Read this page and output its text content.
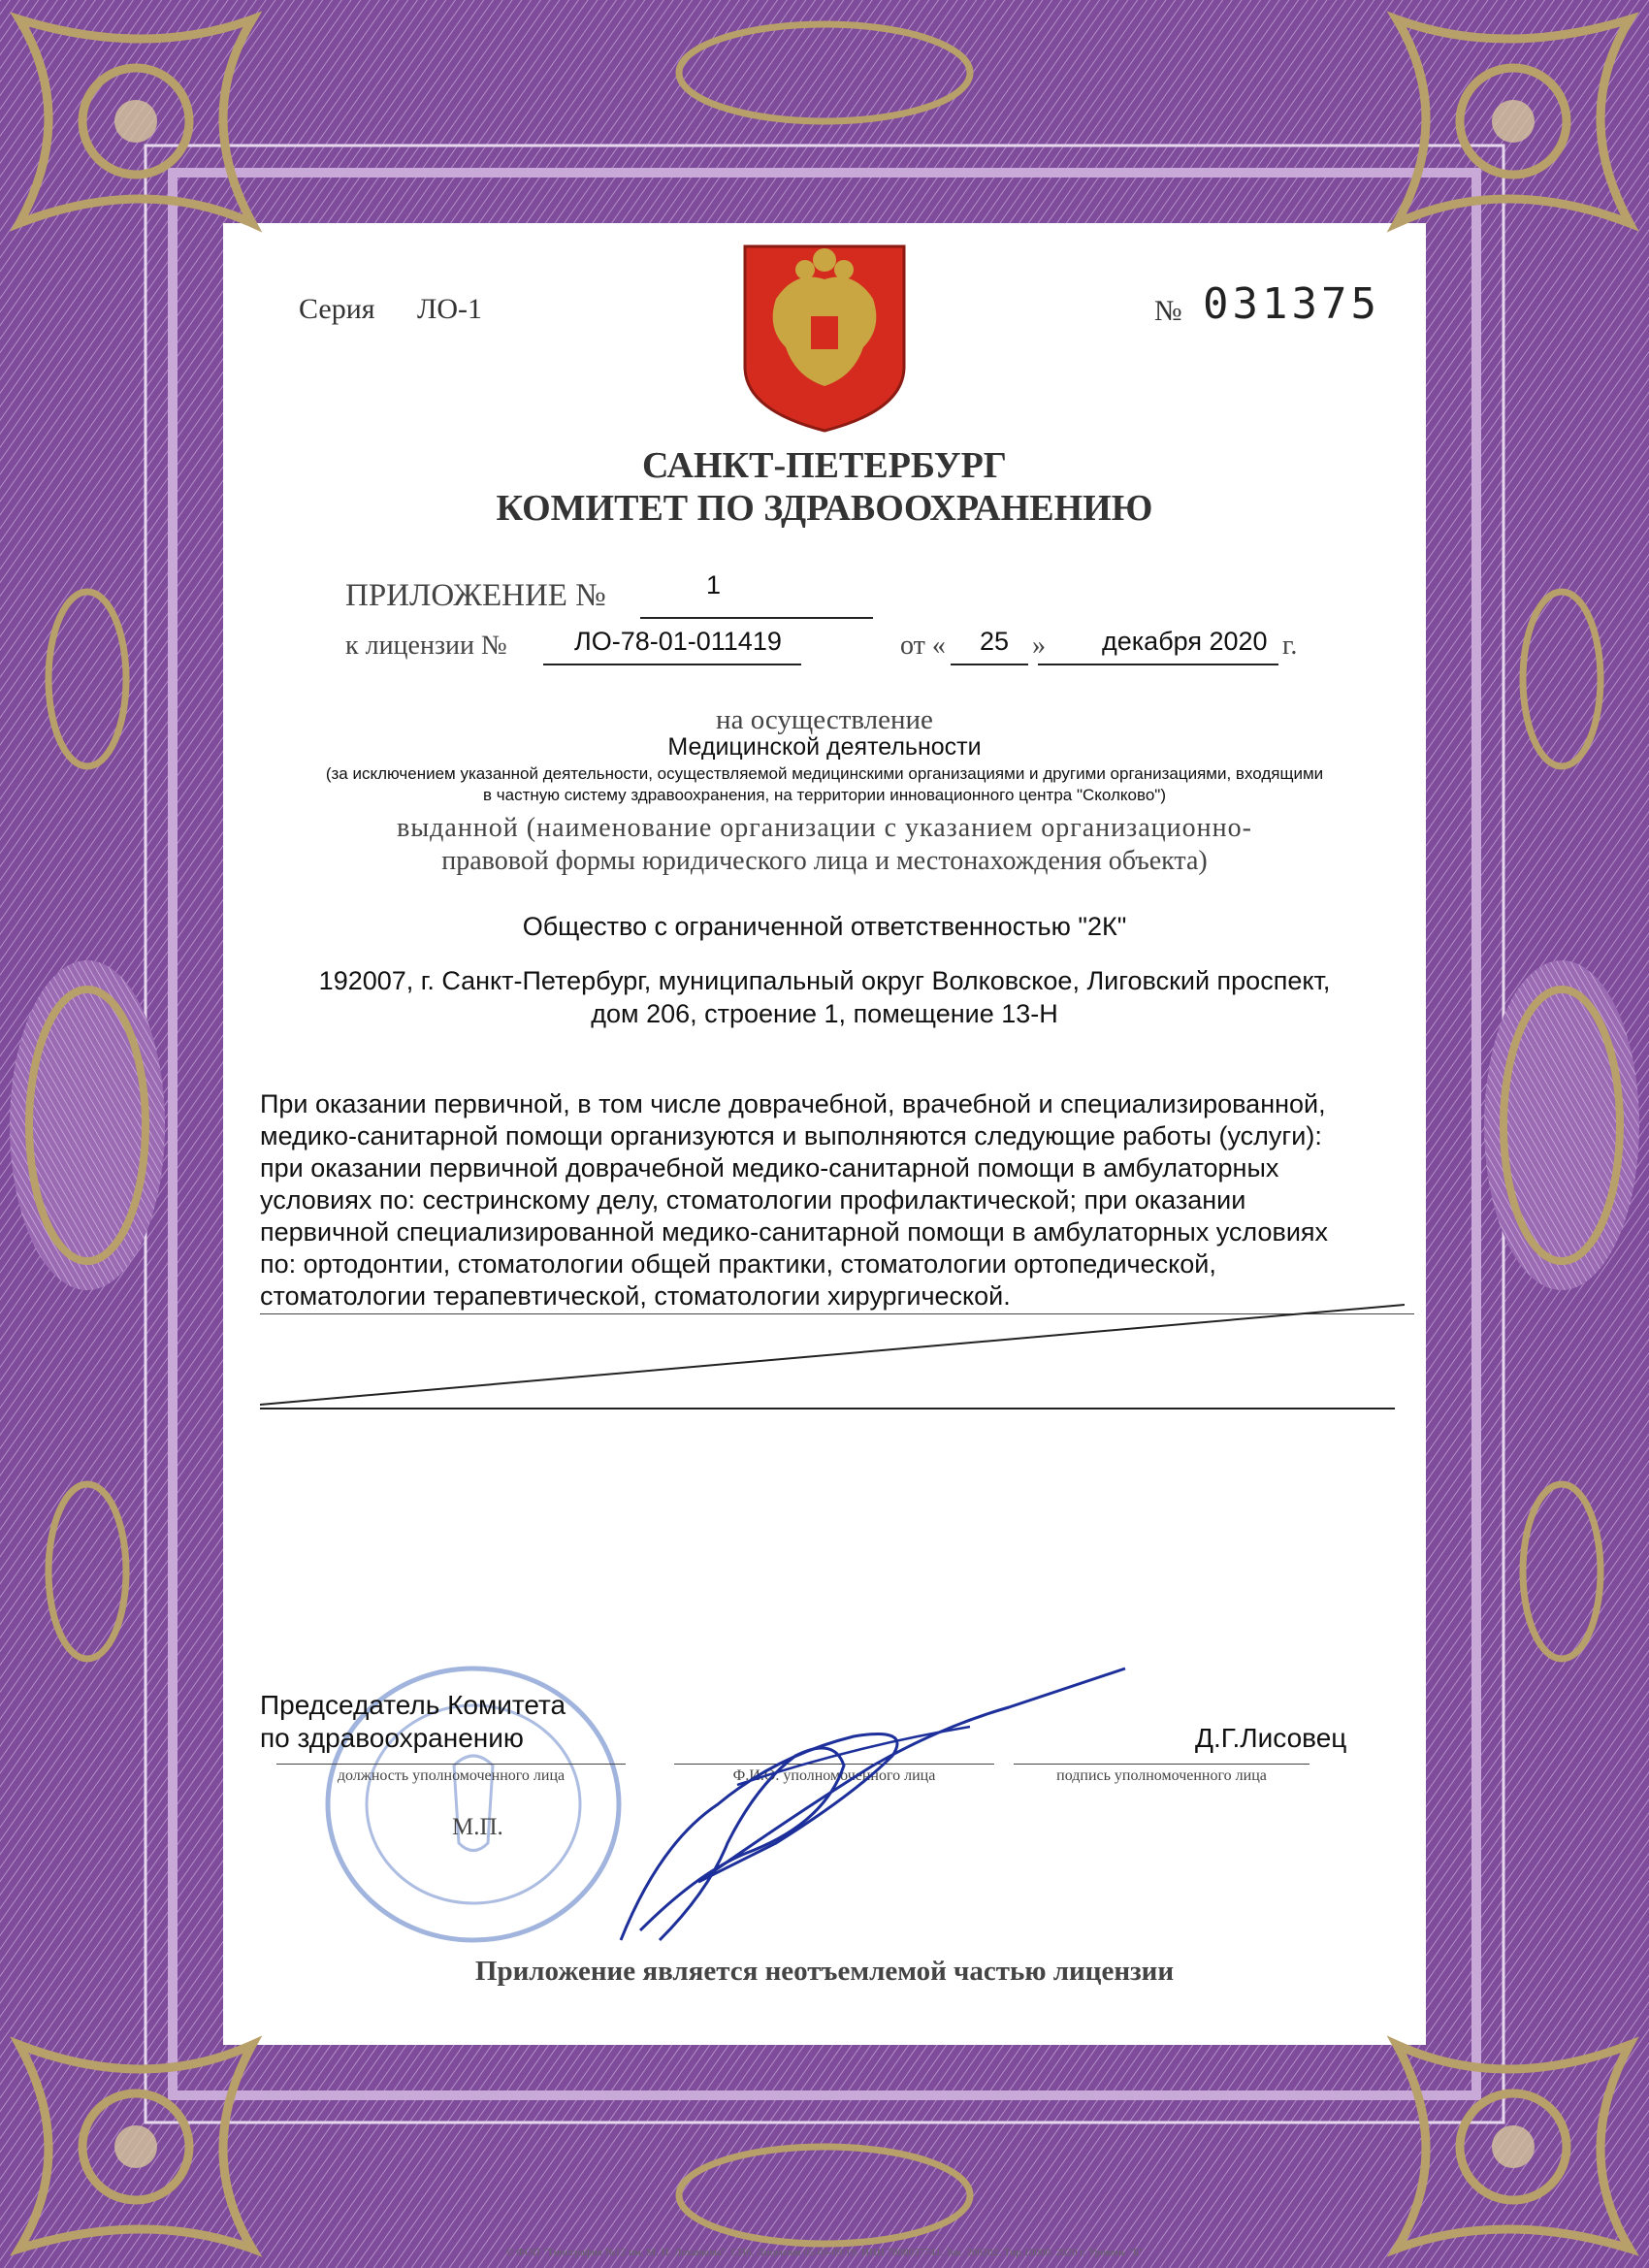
Серия ЛО-1	№ 031375
САНКТ-ПЕТЕРБУРГ
КОМИТЕТ ПО ЗДРАВООХРАНЕНИЮ
ПРИЛОЖЕНИЕ №	1
к лицензии №	ЛО-78-01-011419	от « 25 » декабря 2020 г.
на осуществление
Медицинской деятельности
(за исключением указанной деятельности, осуществляемой медицинскими организациями и другими организациями, входящими
в частную систему здравоохранения, на территории инновационного центра "Сколково")
выданной (наименование организации с указанием организационно-
правовой формы юридического лица и местонахождения объекта)
Общество с ограниченной ответственностью "2К"
192007, г. Санкт-Петербург, муниципальный округ Волковское, Лиговский проспект,
дом 206, строение 1, помещение 13-Н
При оказании первичной, в том числе доврачебной, врачебной и специализированной,
медико-санитарной помощи организуются и выполняются следующие работы (услуги):
при оказании первичной доврачебной медико-санитарной помощи в амбулаторных
условиях по: сестринскому делу, стоматологии профилактической; при оказании
первичной специализированной медико-санитарной помощи в амбулаторных условиях
по: ортодонтии, стоматологии общей практики, стоматологии ортопедической,
стоматологии терапевтической, стоматологии хирургической.
Председатель Комитета
по здравоохранению	Д.Г.Лисовец
должность уполномоченного лица	Ф.И.О. уполномоченного лица	подпись уполномоченного лица
М.П.
Приложение является неотъемлемой частью лицензии
© ФОП "Типография №12 им. М. И. Лоханкова". СПб. Лицензия 05-05-09/19. ИНН 7808037741. Зак. 200202. Тир.10000. 2020 г. Уровень "Б"
